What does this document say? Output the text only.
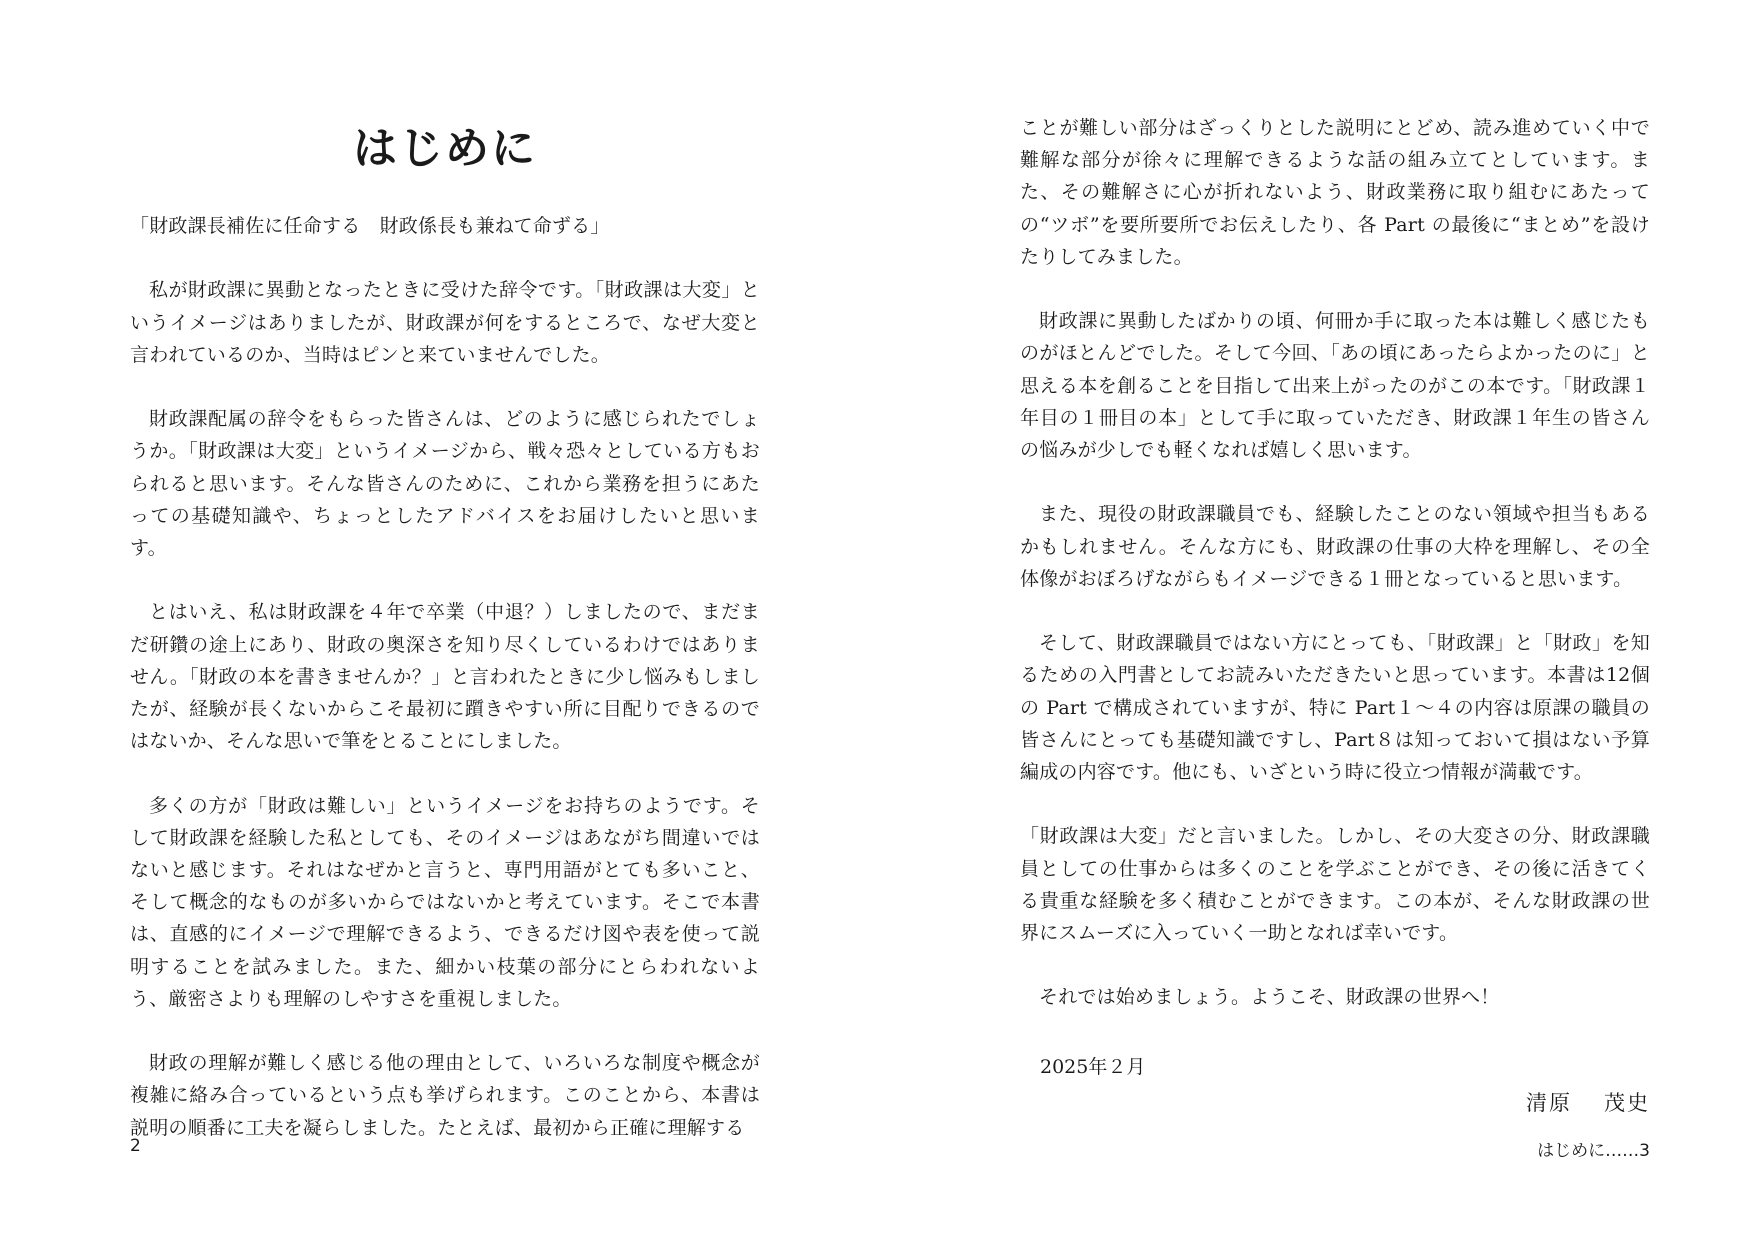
はじめに

「財政課長補佐に任命する　財政係長も兼ねて命ずる」

私が財政課に異動となったときに受けた辞令です。「財政課は大変」というイメージはありましたが、財政課が何をするところで、なぜ大変と言われているのか、当時はピンと来ていませんでした。

財政課配属の辞令をもらった皆さんは、どのように感じられたでしょうか。「財政課は大変」というイメージから、戦々恐々としている方もおられると思います。そんな皆さんのために、これから業務を担うにあたっての基礎知識や、ちょっとしたアドバイスをお届けしたいと思います。

とはいえ、私は財政課を４年で卒業（中退？）しましたので、まだまだ研鑽の途上にあり、財政の奥深さを知り尽くしているわけではありません。「財政の本を書きませんか？」と言われたときに少し悩みもしましたが、経験が長くないからこそ最初に躓きやすい所に目配りできるのではないか、そんな思いで筆をとることにしました。

多くの方が「財政は難しい」というイメージをお持ちのようです。そして財政課を経験した私としても、そのイメージはあながち間違いではないと感じます。それはなぜかと言うと、専門用語がとても多いこと、そして概念的なものが多いからではないかと考えています。そこで本書は、直感的にイメージで理解できるよう、できるだけ図や表を使って説明することを試みました。また、細かい枝葉の部分にとらわれないよう、厳密さよりも理解のしやすさを重視しました。

財政の理解が難しく感じる他の理由として、いろいろな制度や概念が複雑に絡み合っているという点も挙げられます。このことから、本書は説明の順番に工夫を凝らしました。たとえば、最初から正確に理解する

2

ことが難しい部分はざっくりとした説明にとどめ、読み進めていく中で難解な部分が徐々に理解できるような話の組み立てとしています。また、その難解さに心が折れないよう、財政業務に取り組むにあたっての“ツボ”を要所要所でお伝えしたり、各 Part の最後に“まとめ”を設けたりしてみました。

財政課に異動したばかりの頃、何冊か手に取った本は難しく感じたものがほとんどでした。そして今回、「あの頃にあったらよかったのに」と思える本を創ることを目指して出来上がったのがこの本です。「財政課１年目の１冊目の本」として手に取っていただき、財政課１年生の皆さんの悩みが少しでも軽くなれば嬉しく思います。

また、現役の財政課職員でも、経験したことのない領域や担当もあるかもしれません。そんな方にも、財政課の仕事の大枠を理解し、その全体像がおぼろげながらもイメージできる１冊となっていると思います。

そして、財政課職員ではない方にとっても、「財政課」と「財政」を知るための入門書としてお読みいただきたいと思っています。本書は12個の Part で構成されていますが、特に Part１～４の内容は原課の職員の皆さんにとっても基礎知識ですし、Part８は知っておいて損はない予算編成の内容です。他にも、いざという時に役立つ情報が満載です。

「財政課は大変」だと言いました。しかし、その大変さの分、財政課職員としての仕事からは多くのことを学ぶことができ、その後に活きてくる貴重な経験を多く積むことができます。この本が、そんな財政課の世界にスムーズに入っていく一助となれば幸いです。

それでは始めましょう。ようこそ、財政課の世界へ！

2025年２月
清原 茂史
はじめに……3
